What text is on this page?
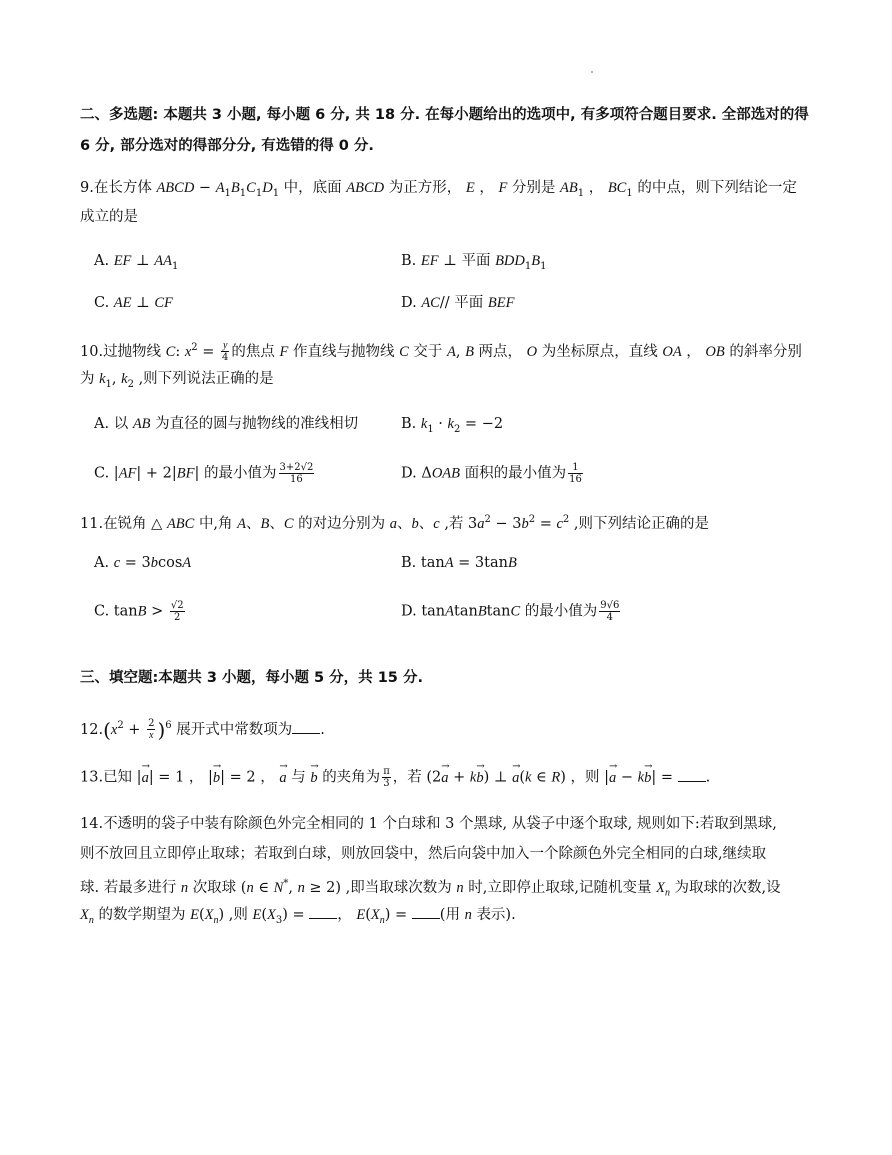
二、多选题: 本题共 3 小题, 每小题 6 分, 共 18 分. 在每小题给出的选项中, 有多项符合题目要求. 全部选对的得
6 分, 部分选对的得部分分, 有选错的得 0 分.
9.在长方体 ABCD − $A_1B_1C_1D_1$ 中，底面 ABCD 为正方形， E ， F 分别是 $AB_1$ ， $BC_1$ 的中点，则下列结论一定
成立的是
A. EF ⊥ $AA_1$	B. EF ⊥ 平面 $BDD_1B_1$
C. AE ⊥ CF	D. AC// 平面 BEF
10.过抛物线 C: $x^2 = \frac{y}{4}$ 的焦点 F 作直线与抛物线 C 交于 A, B 两点， O 为坐标原点，直线 OA ， OB 的斜率分别
为 $k_1$, $k_2$ ,则下列说法正确的是
A. 以 AB 为直径的圆与抛物线的准线相切	B. $k_1 \cdot k_2 = -2$
C. |AF| + 2|BF| 的最小值为 $\frac{3+2√2}{16}$	D. ΔOAB 面积的最小值为 $\frac{1}{16}$
11.在锐角 △ ABC 中,角 A、B、C 的对边分别为 a、b、c ,若 $3a^2 - 3b^2 = c^2$ ,则下列结论正确的是
A. c = 3bcosA	B. tanA = 3tanB
C. $\tan B > \frac{√2}{2}$	D. tanAtanBtanC 的最小值为 $\frac{9√6}{4}$
三、填空题:本题共 3 小题，每小题 5 分，共 15 分.
$12.(x^2 + \frac{2}{x} )^6$ 展开式中常数项为 .
13.已知 |→ a| = 1 ， |→ b| = 2 ， → a 与 → b 的夹角为 $\frac{\pi}{3}$ ，若 (2→ a + k→ b) ⊥ → a(k ∈ R) ，则 |→ a − k→ b| = .
14.不透明的袋子中装有除颜色外完全相同的 1 个白球和 3 个黑球, 从袋子中逐个取球, 规则如下:若取到黑球,
则不放回且立即停止取球；若取到白球，则放回袋中，然后向袋中加入一个除颜色外完全相同的白球,继续取
球. 若最多进行 n 次取球 (n ∈ N*, n ≥ 2) ,即当取球次数为 n 时,立即停止取球,记随机变量 $X_n$ 为取球的次数,设
$X_n$ 的数学期望为 $E(X_n)$ ,则 $E(X_3)$ = ， $E(X_n)$ = (用 n 表示).
